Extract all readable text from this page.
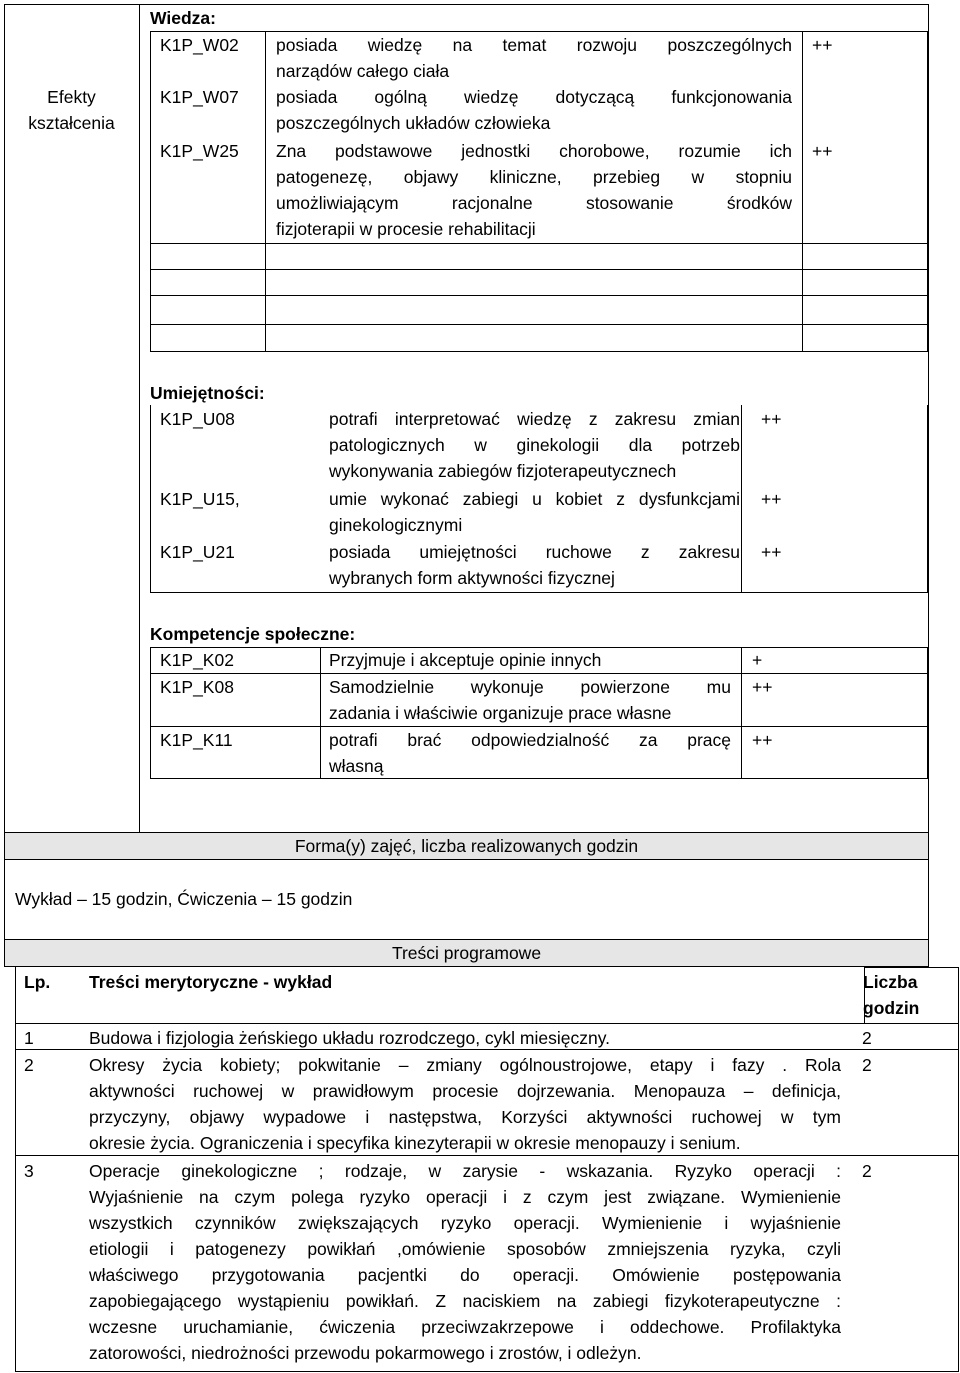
Efekty
kształcenia
Wiedza:
K1P_W02 posiada wiedzę na temat rozwoju poszczególnych
narządów całego ciała
++
K1P_W07 posiada ogólną wiedzę dotyczącą funkcjonowania
poszczególnych układów człowieka
K1P_W25 Zna podstawowe jednostki chorobowe, rozumie ich
patogenezę, objawy kliniczne, przebieg w stopniu
umożliwiającym racjonalne stosowanie środków
fizjoterapii w procesie rehabilitacji
++
Umiejętności:
K1P_U08	potrafi interpretować wiedzę z zakresu zmian
patologicznych w ginekologii dla potrzeb
wykonywania zabiegów fizjoterapeutycznech
++
K1P_U15,	umie wykonać zabiegi u kobiet z dysfunkcjami
ginekologicznymi
++
K1P_U21	posiada umiejętności ruchowe z zakresu
wybranych form aktywności fizycznej
++
Kompetencje społeczne:
K1P_K02	Przyjmuje i akceptuje opinie innych	+
K1P_K08	Samodzielnie wykonuje powierzone mu
zadania i właściwie organizuje prace własne
++
K1P_K11	potrafi brać odpowiedzialność za pracę
własną
++
Forma(y) zajęć, liczba realizowanych godzin
Wykład – 15 godzin, Ćwiczenia – 15 godzin
Treści programowe
Lp. Treści merytoryczne - wykład	Liczba
godzin
1	Budowa i fizjologia żeńskiego układu rozrodczego, cykl miesięczny.	2
2	Okresy życia kobiety; pokwitanie – zmiany ogólnoustrojowe, etapy i fazy . Rola
aktywności ruchowej w prawidłowym procesie dojrzewania. Menopauza – definicja,
przyczyny, objawy wypadowe i następstwa, Korzyści aktywności ruchowej w tym
okresie życia. Ograniczenia i specyfika kinezyterapii w okresie menopauzy i senium.
2
3	Operacje ginekologiczne ; rodzaje, w zarysie - wskazania. Ryzyko operacji :
Wyjaśnienie na czym polega ryzyko operacji i z czym jest związane. Wymienienie
wszystkich czynników zwiększających ryzyko operacji. Wymienienie i wyjaśnienie
etiologii i patogenezy powikłań ,omówienie sposobów zmniejszenia ryzyka, czyli
właściwego przygotowania pacjentki do operacji. Omówienie postępowania
zapobiegającego wystąpieniu powikłań. Z naciskiem na zabiegi fizykoterapeutyczne :
wczesne uruchamianie, ćwiczenia przeciwzakrzepowe i oddechowe. Profilaktyka
zatorowości, niedrożności przewodu pokarmowego i zrostów, i odleżyn.
2
